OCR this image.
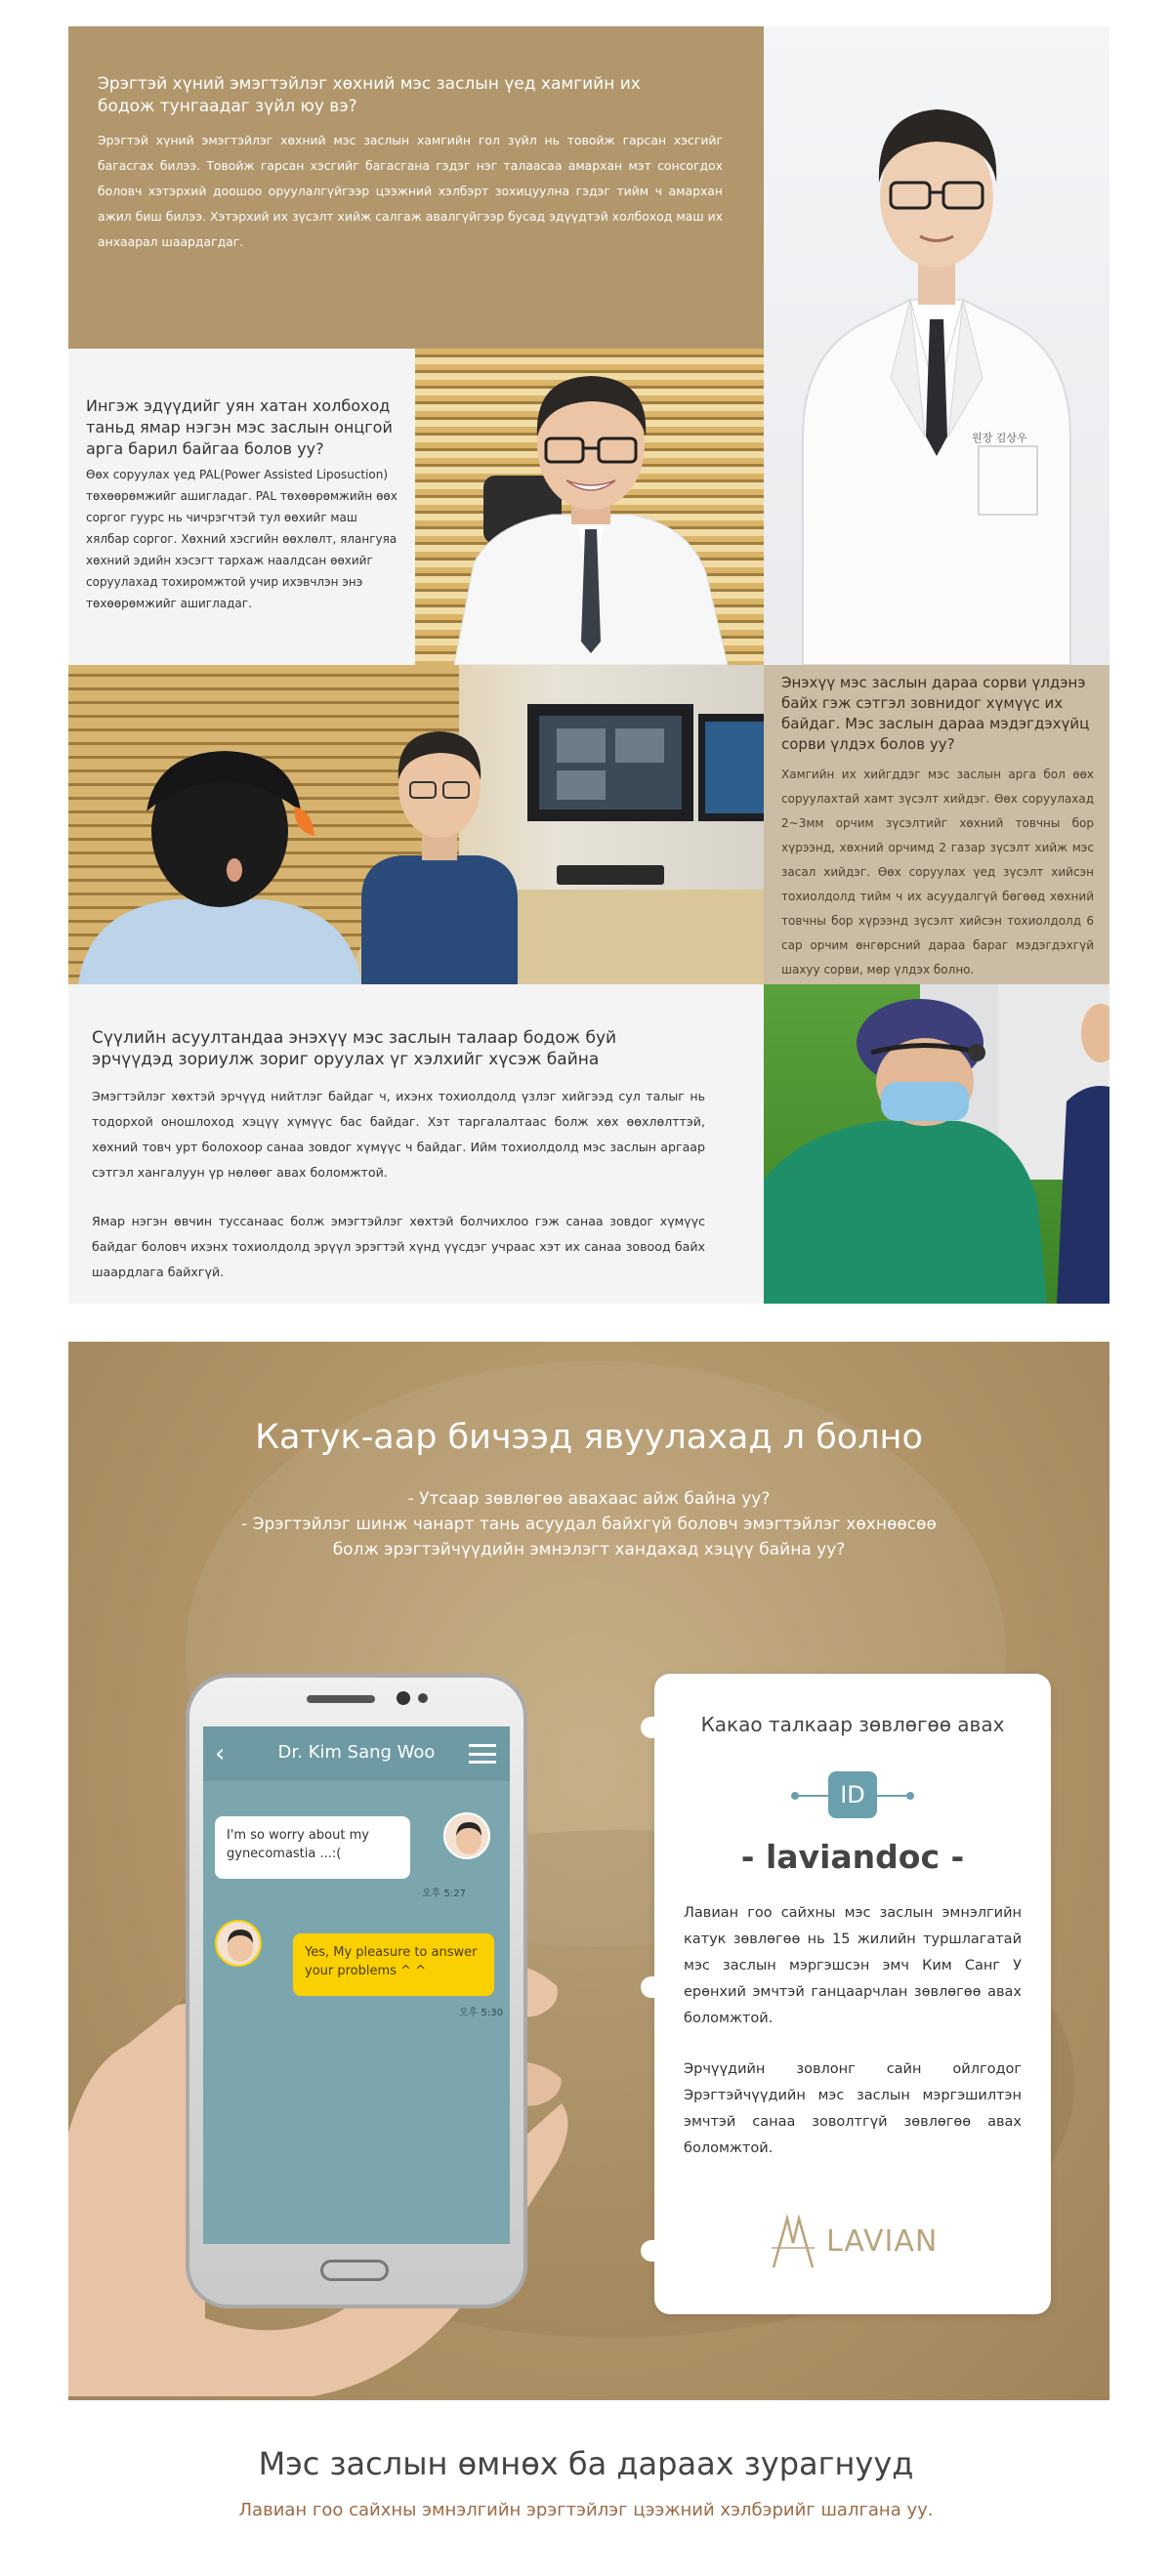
Эрэгтэй хүний эмэгтэйлэг хөхний мэс заслын үед хамгийн их бодож тунгаадаг зүйл юу вэ?

Эрэгтэй хүний эмэгтэйлэг хөхний мэс заслын хамгийн гол зүйл нь товойж гарсан хэсгийг багасгах билээ. Товойж гарсан хэсгийг багасгана гэдэг нэг талаасаа амархан мэт сонсогдох боловч хэтэрхий доошоо оруулалгүйгээр цээжний хэлбэрт зохицуулна гэдэг тийм ч амархан ажил биш билээ. Хэтэрхий их зүсэлт хийж салгаж авалгүйгээр бусад эдүүдтэй холбоход маш их анхаарал шаардагдаг.

원장 김상우
Ингэж эдүүдийг уян хатан холбоход таньд ямар нэгэн мэс заслын онцгой арга барил байгаа болов уу?

Өөх соруулах үед PAL(Power Assisted Liposuction) төхөөрөмжийг ашигладаг. PAL төхөөрөмжийн өөх соргог гуурс нь чичрэгчтэй тул өөхийг маш хялбар соргог. Хөхний хэсгийн өөхлөлт, ялангуяа хөхний эдийн хэсэгт тархаж наалдсан өөхийг соруулахад тохиромжтой учир ихэвчлэн энэ төхөөрөмжийг ашигладаг.

Энэхүү мэс заслын дараа сорви үлдэнэ байх гэж сэтгэл зовнидог хүмүүс их байдаг. Мэс заслын дараа мэдэгдэхүйц сорви үлдэх болов уу?

Хамгийн их хийгддэг мэс заслын арга бол өөх соруулахтай хамт зүсэлт хийдэг. Өөх соруулахад 2~3мм орчим зүсэлтийг хөхний товчны бор хүрээнд, хөхний орчимд 2 газар зүсэлт хийж мэс засал хийдэг. Өөх соруулах үед зүсэлт хийсэн тохиолдолд тийм ч их асуудалгүй бөгөөд хөхний товчны бор хүрээнд зүсэлт хийсэн тохиолдолд 6 сар орчим өнгөрсний дараа бараг мэдэгдэхгүй шахуу сорви, мөр үлдэх болно.

Сүүлийн асуултандаа энэхүү мэс заслын талаар бодож буй эрчүүдэд зориулж зориг оруулах үг хэлхийг хүсэж байна

Эмэгтэйлэг хөхтэй эрчүүд нийтлэг байдаг ч, ихэнх тохиолдолд үзлэг хийгээд сул талыг нь тодорхой оношлоход хэцүү хүмүүс бас байдаг. Хэт таргалалтаас болж хөх өөхлөлттэй, хөхний товч урт болохоор санаа зовдог хүмүүс ч байдаг. Ийм тохиолдолд мэс заслын аргаар сэтгэл хангалуун үр нөлөөг авах боломжтой.

Ямар нэгэн өвчин туссанаас болж эмэгтэйлэг хөхтэй болчихлоо гэж санаа зовдог хүмүүс байдаг боловч ихэнх тохиолдолд эрүүл эрэгтэй хүнд үүсдэг учраас хэт их санаа зовоод байх шаардлага байхгүй.

Катук-аар бичээд явуулахад л болно
- Утсаар зөвлөгөө авахаас айж байна уу?
- Эрэгтэйлэг шинж чанарт тань асуудал байхгүй боловч эмэгтэйлэг хөхнөөсөө
болж эрэгтэйчүүдийн эмнэлэгт хандахад хэцүү байна уу?
‹	Dr. Kim Sang Woo
I'm so worry about my gynecomastia ...:(
오후 5:27
Yes, My pleasure to answer your problems ^ ^
오후 5:30
Какао талкаар зөвлөгөө авах
ID
- laviandoc -

Лавиан гоо сайхны мэс заслын эмнэлгийн катук зөвлөгөө нь 15 жилийн туршлагатай мэс заслын мэргэшсэн эмч Ким Санг У ерөнхий эмчтэй ганцаарчлан зөвлөгөө авах боломжтой.

Эрчүүдийн зовлонг сайн ойлгодог Эрэгтэйчүүдийн мэс заслын мэргэшилтэн эмчтэй санаа зоволтгүй зөвлөгөө авах боломжтой.

LAVIAN
Мэс заслын өмнөх ба дараах зурагнууд
Лавиан гоо сайхны эмнэлгийн эрэгтэйлэг цээжний хэлбэрийг шалгана уу.
